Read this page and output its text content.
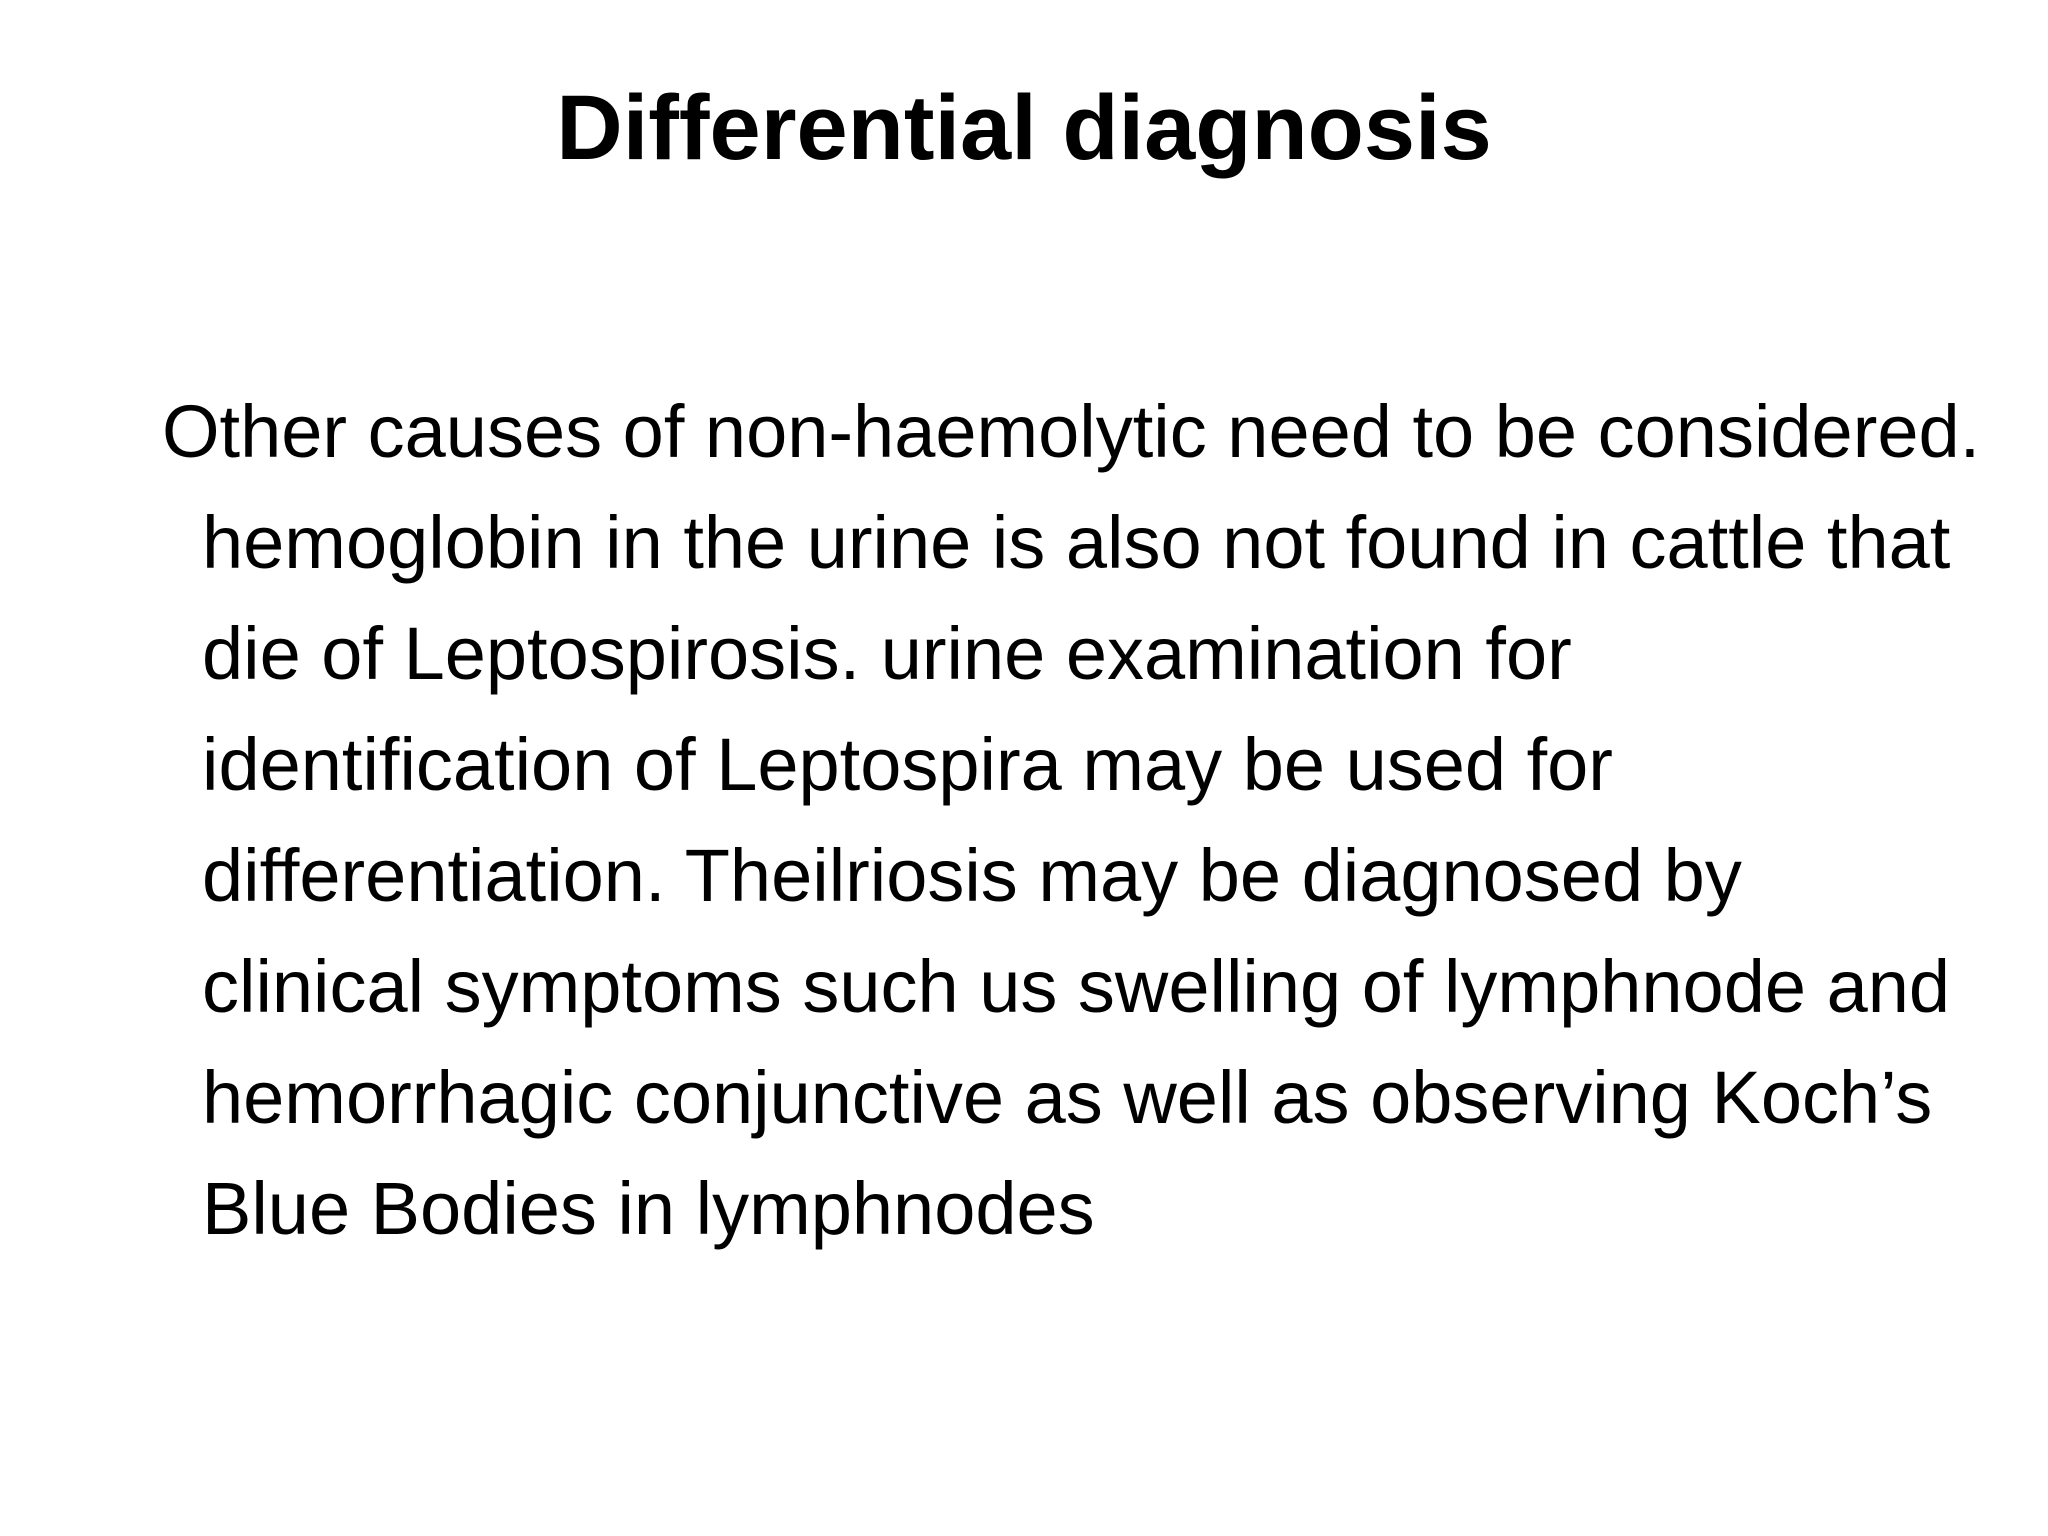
Differential diagnosis

Other causes of non-haemolytic need to be considered. hemoglobin in the urine is also not found in cattle that die of Leptospirosis. urine examination for identification of Leptospira may be used for differentiation. Theilriosis may be diagnosed by clinical symptoms such us swelling of lymphnode and hemorrhagic conjunctive as well as observing Koch’s Blue Bodies in lymphnodes
